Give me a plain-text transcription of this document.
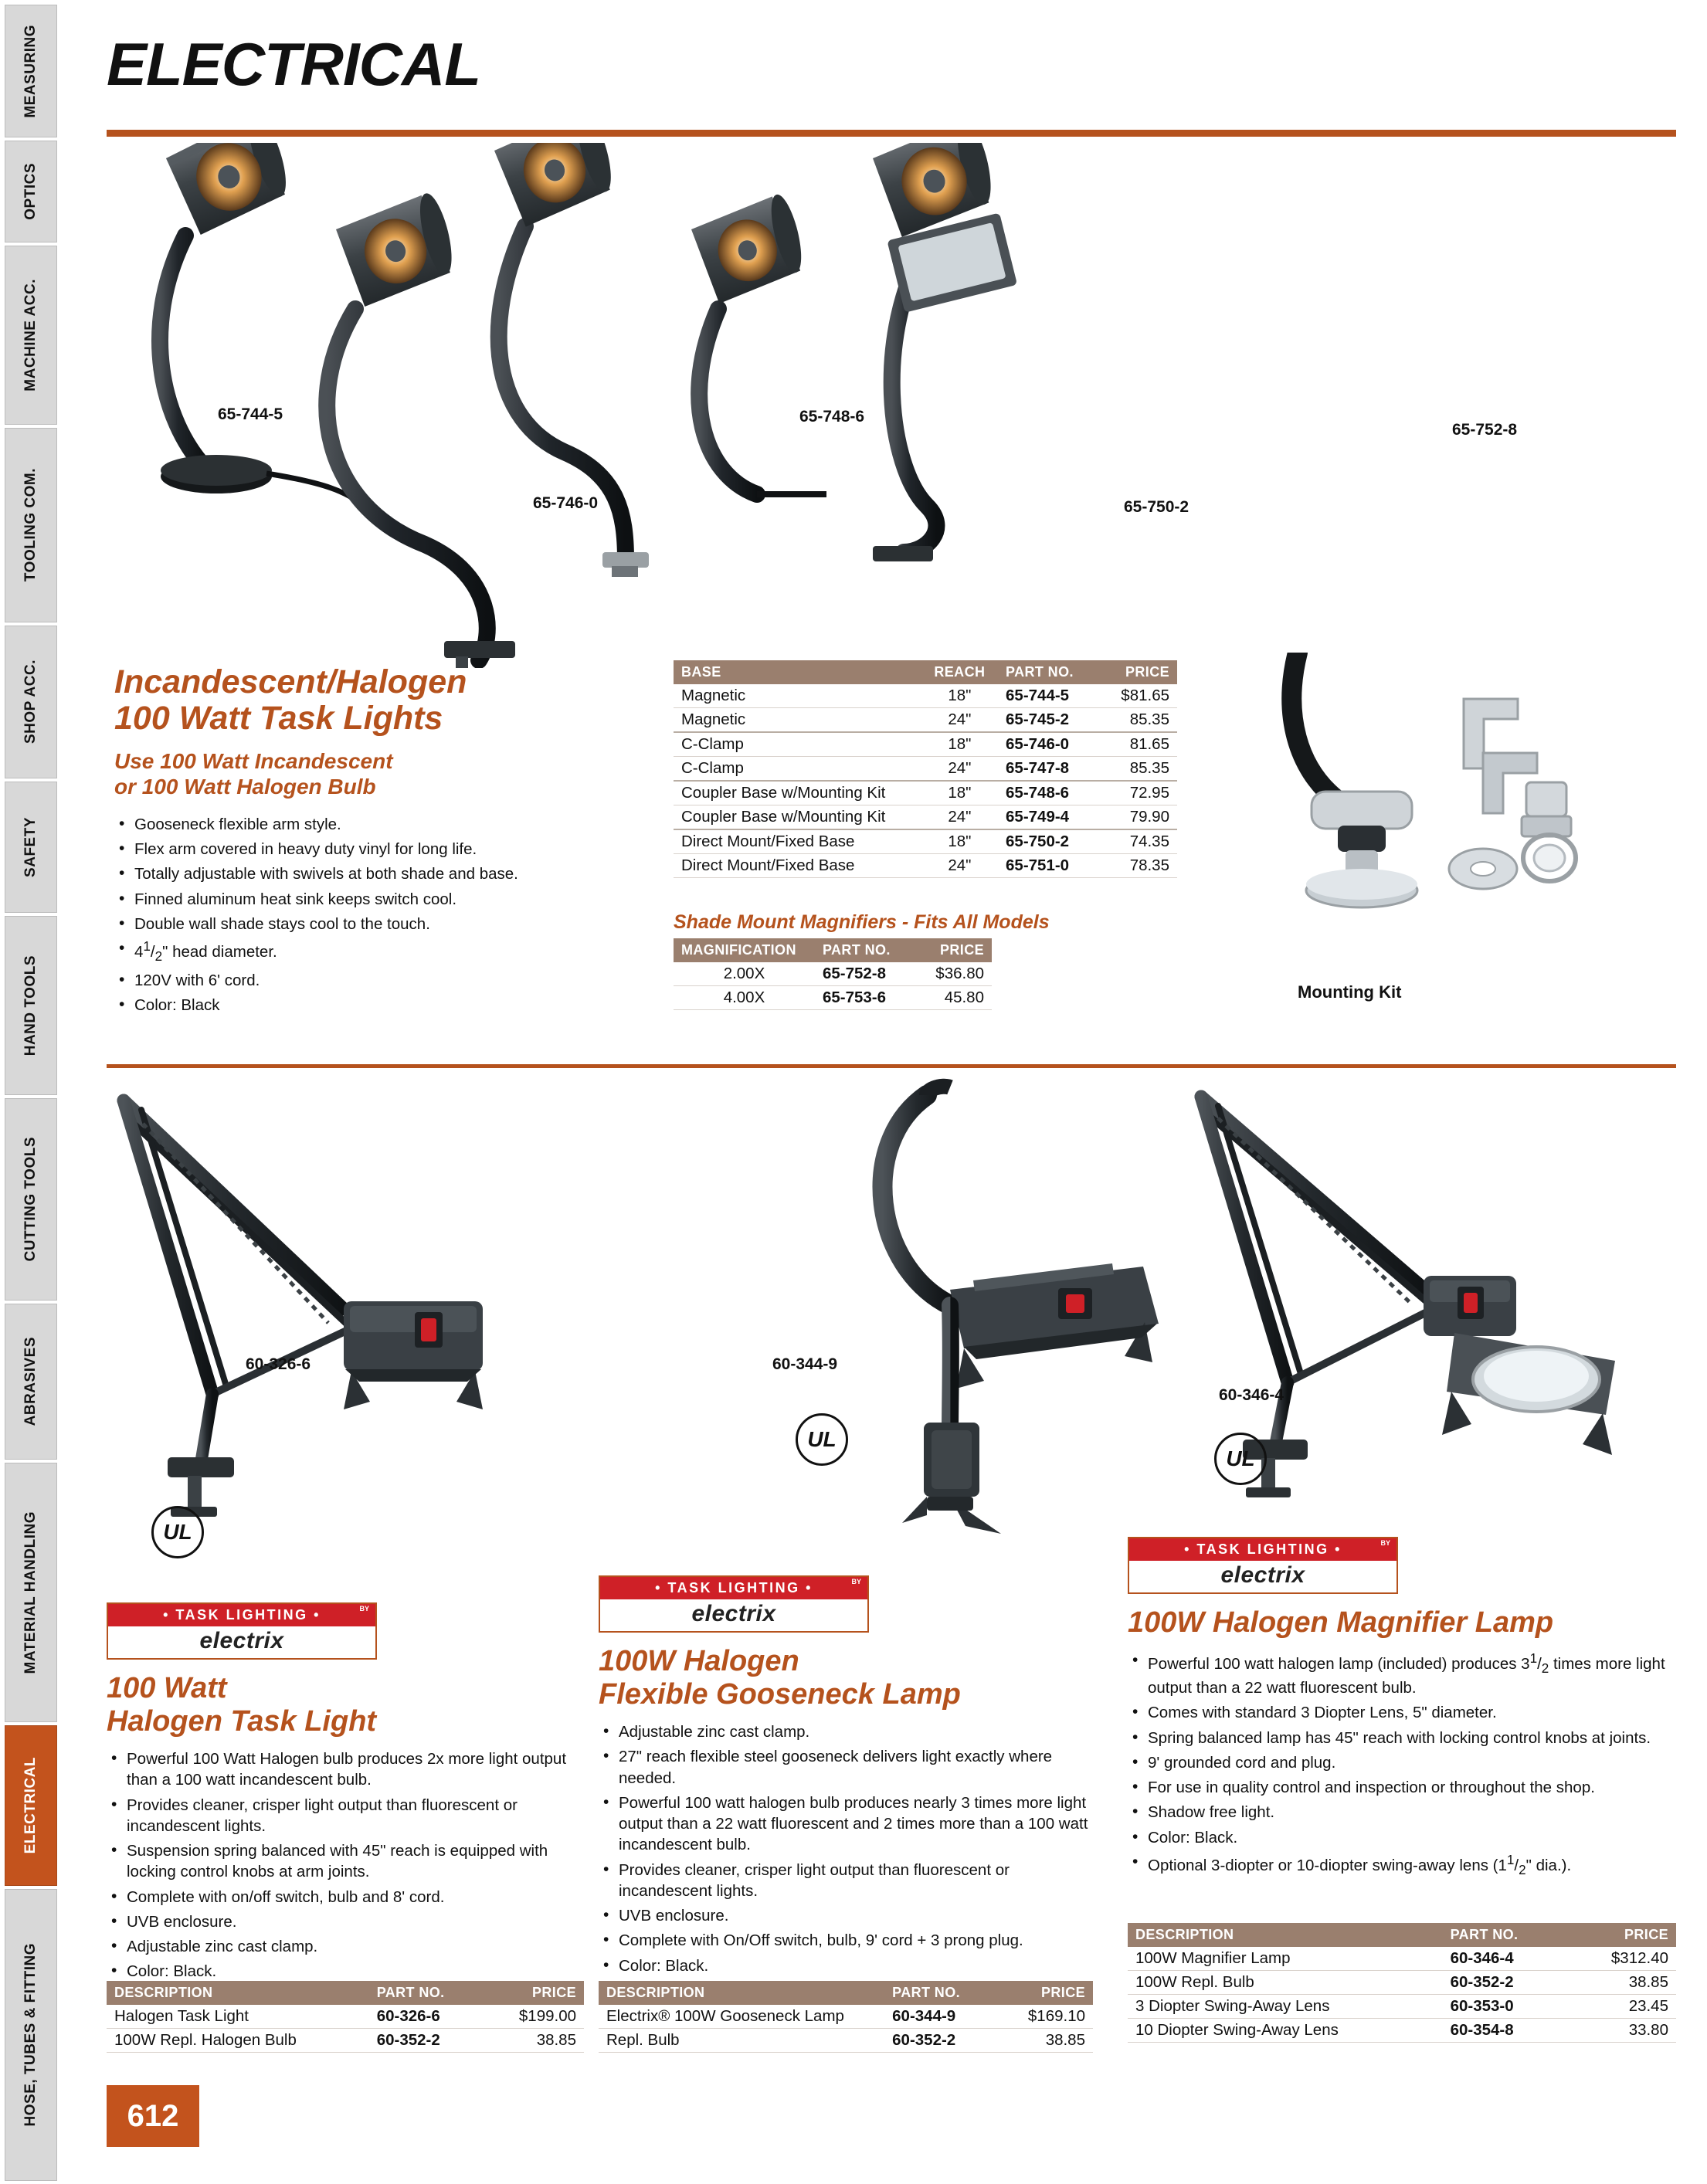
MEASURING
OPTICS
MACHINE ACC.
TOOLING COM.
SHOP ACC.
SAFETY
HAND TOOLS
CUTTING TOOLS
ABRASIVES
MATERIAL HANDLING
ELECTRICAL
HOSE, TUBES & FITTING
ELECTRICAL
65-744-5
65-746-0
65-748-6
65-750-2
65-752-8
Incandescent/Halogen
100 Watt Task Lights
Use 100 Watt Incandescent
or 100 Watt Halogen Bulb
• Gooseneck flexible arm style.
• Flex arm covered in heavy duty vinyl for long life.
• Totally adjustable with swivels at both shade and base.
• Finned aluminum heat sink keeps switch cool.
• Double wall shade stays cool to the touch.
• $4^1/_2$" head diameter.
• 120V with 6' cord.
• Color: Black
BASE	REACH	PART NO.	PRICE
Magnetic	18"	65-744-5	$81.65
Magnetic	24"	65-745-2	85.35
C-Clamp	18"	65-746-0	81.65
C-Clamp	24"	65-747-8	85.35
Coupler Base w/Mounting Kit	18"	65-748-6	72.95
Coupler Base w/Mounting Kit	24"	65-749-4	79.90
Direct Mount/Fixed Base	18"	65-750-2	74.35
Direct Mount/Fixed Base	24"	65-751-0	78.35
Shade Mount Magnifiers - Fits All Models
MAGNIFICATION	PART NO.	PRICE
2.00X	65-752-8	$36.80
4.00X	65-753-6	45.80	Mounting Kit
60-326-6
UL	60-344-9
UL
60-346-4
UL
• TASK LIGHTING •	BY
electrix
100 Watt
Halogen Task Light
• Powerful 100 Watt Halogen bulb produces 2x more light output than a 100 watt incandescent bulb.
• Provides cleaner, crisper light output than fluorescent or incandescent lights.
• Suspension spring balanced with 45" reach is equipped with locking control knobs at arm joints.
• Complete with on/off switch, bulb and 8' cord.
• UVB enclosure.
• Adjustable zinc cast clamp.
• Color: Black.
DESCRIPTION	PART NO.	PRICE
Halogen Task Light	60-326-6	$199.00
100W Repl. Halogen Bulb	60-352-2	38.85
• TASK LIGHTING •	BY
electrix
100W Halogen
Flexible Gooseneck Lamp
• Adjustable zinc cast clamp.
• 27" reach flexible steel gooseneck delivers light exactly where needed.
• Powerful 100 watt halogen bulb produces nearly 3 times more light output than a 22 watt fluorescent and 2 times more than a 100 watt incandescent bulb.
• Provides cleaner, crisper light output than fluorescent or incandescent lights.
• UVB enclosure.
• Complete with On/Off switch, bulb, 9' cord + 3 prong plug.
• Color: Black.
DESCRIPTION	PART NO.	PRICE
Electrix® 100W Gooseneck Lamp	60-344-9	$169.10
Repl. Bulb	60-352-2	38.85
• TASK LIGHTING •	BY
electrix
100W Halogen Magnifier Lamp
• Powerful 100 watt halogen lamp (included) produces $3^1/_2$ times more light output than a 22 watt fluorescent bulb.
• Comes with standard 3 Diopter Lens, 5" diameter.
• Spring balanced lamp has 45" reach with locking control knobs at joints.
• 9' grounded cord and plug.
• For use in quality control and inspection or throughout the shop.
• Shadow free light.
• Color: Black.
• Optional 3-diopter or 10-diopter swing-away lens ($1^1/_2$" dia.).
DESCRIPTION	PART NO.	PRICE
100W Magnifier Lamp	60-346-4	$312.40
100W Repl. Bulb	60-352-2	38.85
3 Diopter Swing-Away Lens	60-353-0	23.45
10 Diopter Swing-Away Lens	60-354-8	33.80
612
